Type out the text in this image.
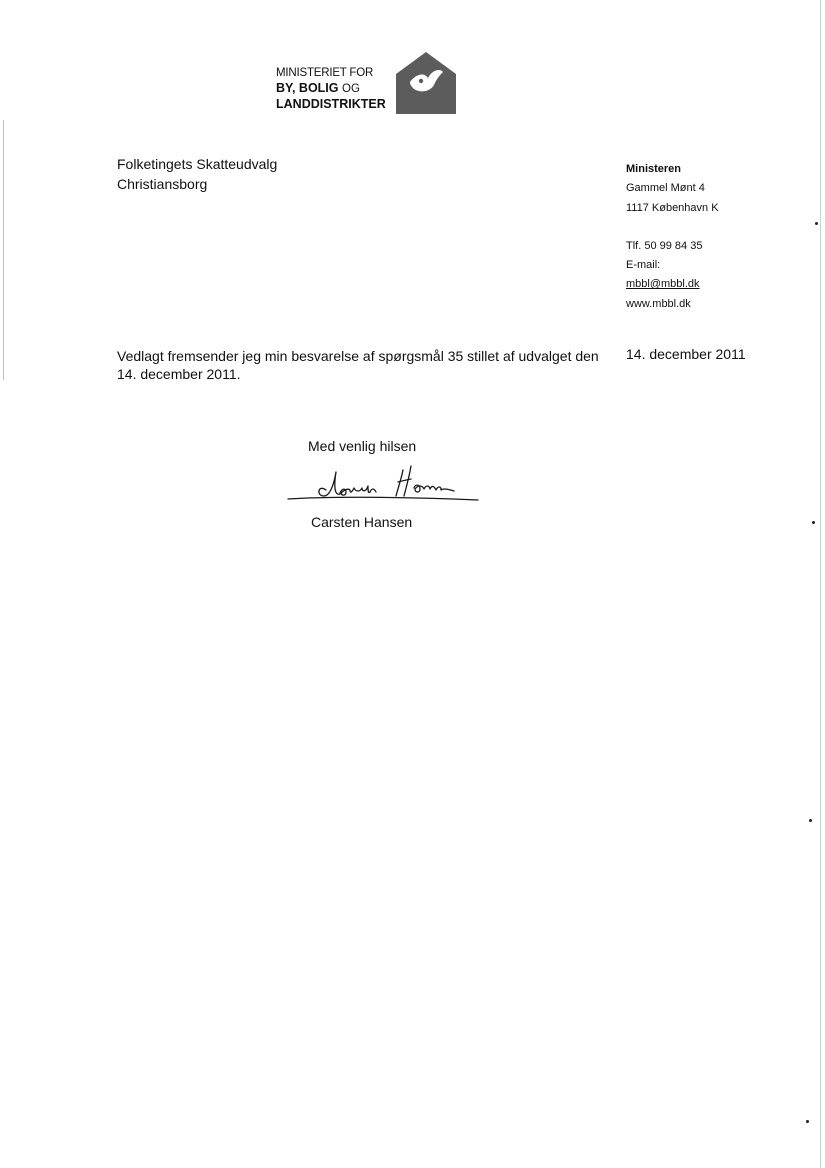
MINISTERIET FOR
BY, BOLIG OG
LANDDISTRIKTER
Folketingets Skatteudvalg
Christiansborg
Ministeren
Gammel Mønt 4
1117 København K
Tlf. 50 99 84 35
E-mail:
mbbl@mbbl.dk
www.mbbl.dk
Vedlagt fremsender jeg min besvarelse af spørgsmål 35 stillet af udvalget den 14. december 2011.
14. december 2011
Med venlig hilsen
Carsten Hansen
